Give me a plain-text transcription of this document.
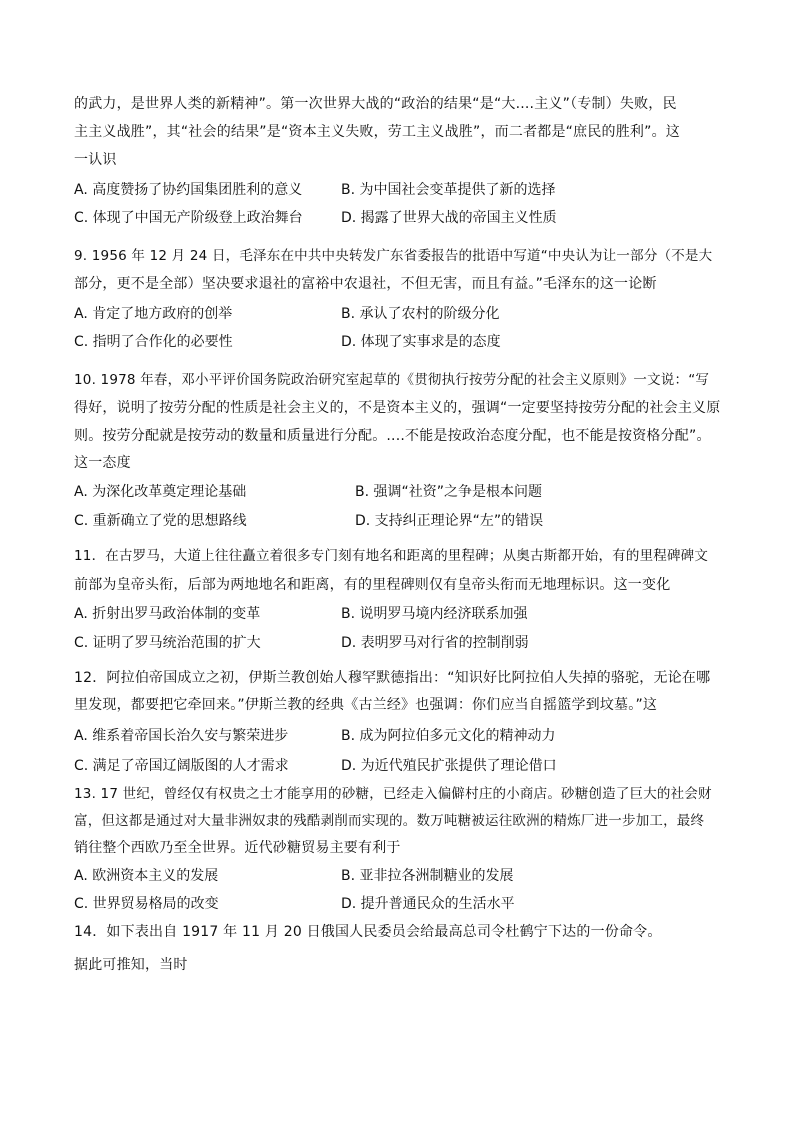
的武力，是世界人类的新精神”。第一次世界大战的“政治的结果“是“大....主义”（专制）失败，民
主主义战胜”，其“社会的结果”是“资本主义失败，劳工主义战胜”，而二者都是“庶民的胜利”。这
一认识
A. 高度赞扬了协约国集团胜利的意义	B. 为中国社会变革提供了新的选择
C. 体现了中国无产阶级登上政治舞台	D. 揭露了世界大战的帝国主义性质
9. 1956 年 12 月 24 日，毛泽东在中共中央转发广东省委报告的批语中写道“中央认为让一部分（不是大
部分，更不是全部）坚决要求退社的富裕中农退社，不但无害，而且有益。”毛泽东的这一论断
A. 肯定了地方政府的创举	B. 承认了农村的阶级分化
C. 指明了合作化的必要性	D. 体现了实事求是的态度
10. 1978 年春，邓小平评价国务院政治研究室起草的《贯彻执行按劳分配的社会主义原则》一文说：“写
得好，说明了按劳分配的性质是社会主义的，不是资本主义的，强调“一定要坚持按劳分配的社会主义原
则。按劳分配就是按劳动的数量和质量进行分配。....不能是按政治态度分配，也不能是按资格分配”。
这一态度
A. 为深化改革奠定理论基础	B. 强调“社资”之争是根本问题
C. 重新确立了党的思想路线	D. 支持纠正理论界“左”的错误
11．在古罗马，大道上往往矗立着很多专门刻有地名和距离的里程碑；从奥古斯都开始，有的里程碑碑文
前部为皇帝头衔，后部为两地地名和距离，有的里程碑则仅有皇帝头衔而无地理标识。这一变化
A. 折射出罗马政治体制的变革	B. 说明罗马境内经济联系加强
C. 证明了罗马统治范围的扩大	D. 表明罗马对行省的控制削弱
12．阿拉伯帝国成立之初，伊斯兰教创始人穆罕默德指出：“知识好比阿拉伯人失掉的骆驼，无论在哪
里发现，都要把它牵回来。”伊斯兰教的经典《古兰经》也强调：你们应当自摇篮学到坟墓。”这
A. 维系着帝国长治久安与繁荣进步	B. 成为阿拉伯多元文化的精神动力
C. 满足了帝国辽阔版图的人才需求	D. 为近代殖民扩张提供了理论借口
13. 17 世纪，曾经仅有权贵之士才能享用的砂糖，已经走入偏僻村庄的小商店。砂糖创造了巨大的社会财
富，但这都是通过对大量非洲奴隶的残酷剥削而实现的。数万吨糖被运往欧洲的精炼厂进一步加工，最终
销往整个西欧乃至全世界。近代砂糖贸易主要有利于
A. 欧洲资本主义的发展	B. 亚非拉各洲制糖业的发展
C. 世界贸易格局的改变	D. 提升普通民众的生活水平
14．如下表出自 1917 年 11 月 20 日俄国人民委员会给最高总司令杜鹤宁下达的一份命令。
据此可推知，当时
